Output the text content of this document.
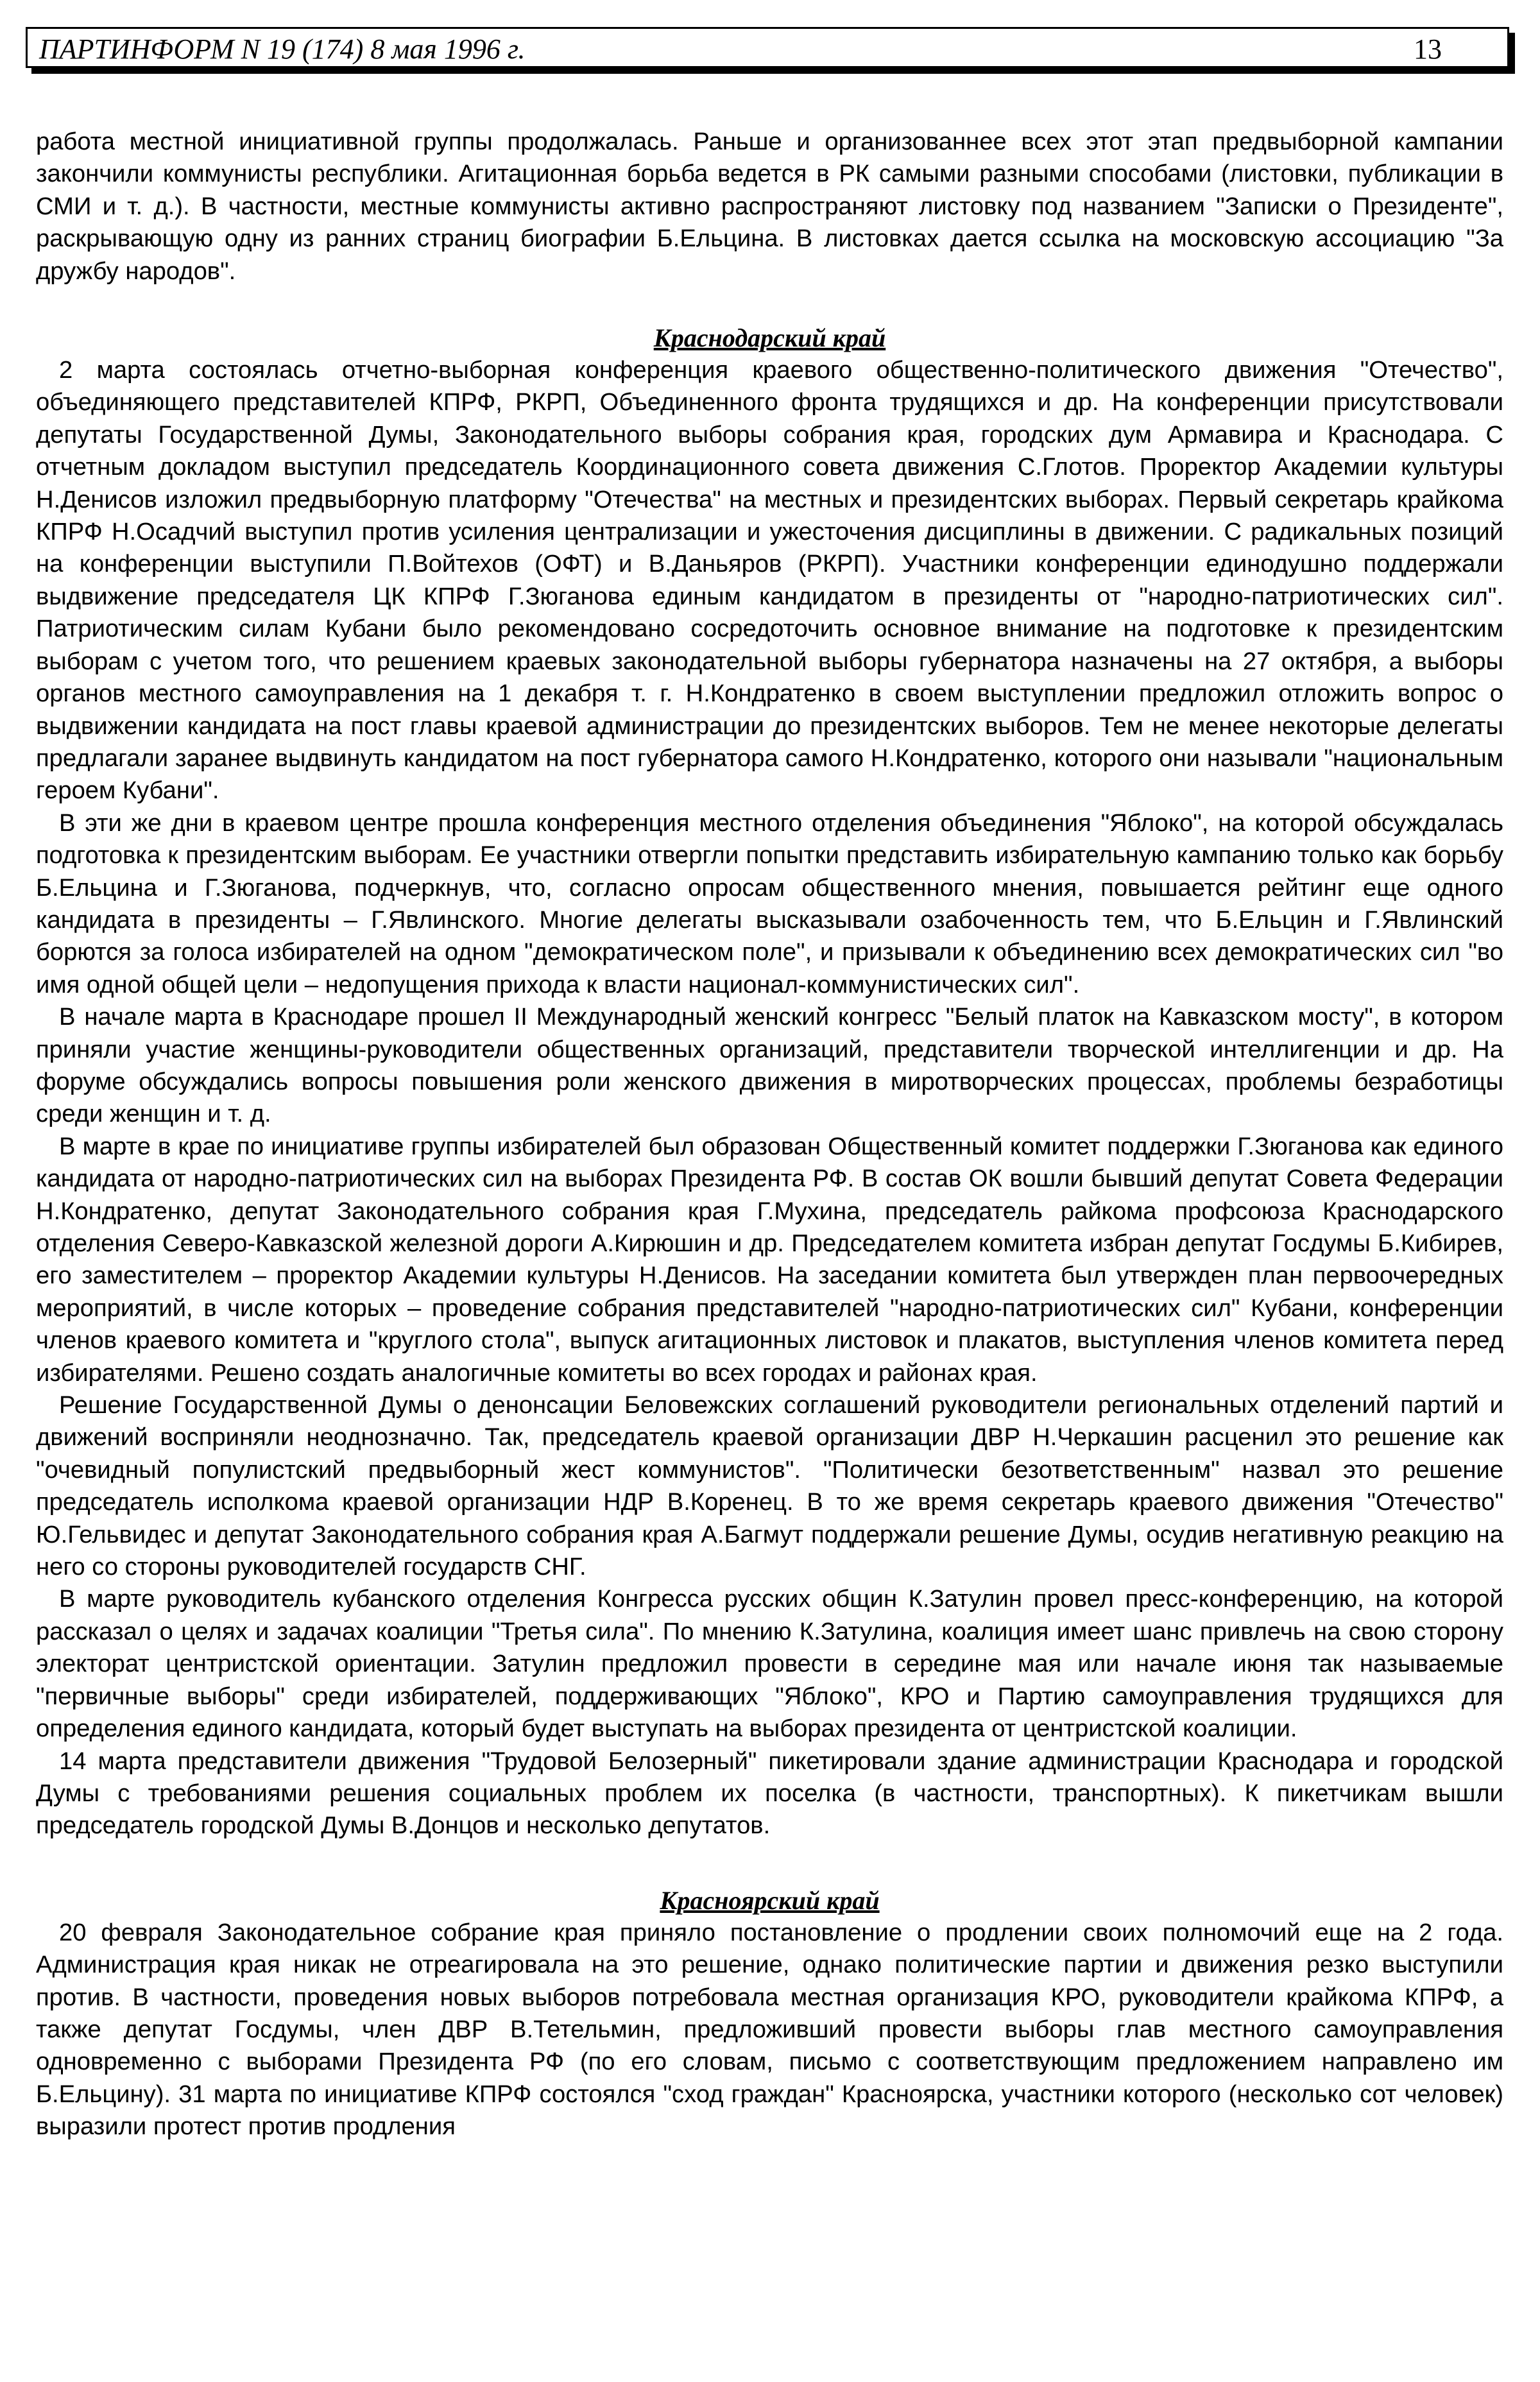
ПАРТИНФОРМ N 19 (174) 8 мая 1996 г.	13

работа местной инициативной группы продолжалась. Раньше и организованнее всех этот этап предвыборной кампании закончили коммунисты республики. Агитационная борьба ведется в РК самыми разными способами (листовки, публикации в СМИ и т. д.). В частности, местные коммунисты активно распространяют листовку под названием "Записки о Президенте", раскрывающую одну из ранних страниц биографии Б.Ельцина. В листовках дается ссылка на московскую ассоциацию "За дружбу народов".

Краснодарский край

2 марта состоялась отчетно-выборная конференция краевого общественно-политического движения "Отечество", объединяющего представителей КПРФ, РКРП, Объединенного фронта трудящихся и др. На конференции присутствовали депутаты Государственной Думы, Законодательного выборы собрания края, городских дум Армавира и Краснодара. С отчетным докладом выступил председатель Координационного совета движения С.Глотов. Проректор Академии культуры Н.Денисов изложил предвыборную платформу "Отечества" на местных и президентских выборах. Первый секретарь крайкома КПРФ Н.Осадчий выступил против усиления централизации и ужесточения дисциплины в движении. С радикальных позиций на конференции выступили П.Войтехов (ОФТ) и В.Даньяров (РКРП). Участники конференции единодушно поддержали выдвижение председателя ЦК КПРФ Г.Зюганова единым кандидатом в президенты от "народно-патриотических сил". Патриотическим силам Кубани было рекомендовано сосредоточить основное внимание на подготовке к президентским выборам с учетом того, что решением краевых законодательной выборы губернатора назначены на 27 октября, а выборы органов местного самоуправления на 1 декабря т. г. Н.Кондратенко в своем выступлении предложил отложить вопрос о выдвижении кандидата на пост главы краевой администрации до президентских выборов. Тем не менее некоторые делегаты предлагали заранее выдвинуть кандидатом на пост губернатора самого Н.Кондратенко, которого они называли "национальным героем Кубани".

В эти же дни в краевом центре прошла конференция местного отделения объединения "Яблоко", на которой обсуждалась подготовка к президентским выборам. Ее участники отвергли попытки представить избирательную кампанию только как борьбу Б.Ельцина и Г.Зюганова, подчеркнув, что, согласно опросам общественного мнения, повышается рейтинг еще одного кандидата в президенты – Г.Явлинского. Многие делегаты высказывали озабоченность тем, что Б.Ельцин и Г.Явлинский борются за голоса избирателей на одном "демократическом поле", и призывали к объединению всех демократических сил "во имя одной общей цели – недопущения прихода к власти национал-коммунистических сил".

В начале марта в Краснодаре прошел II Международный женский конгресс "Белый платок на Кавказском мосту", в котором приняли участие женщины-руководители общественных организаций, представители творческой интеллигенции и др. На форуме обсуждались вопросы повышения роли женского движения в миротворческих процессах, проблемы безработицы среди женщин и т. д.

В марте в крае по инициативе группы избирателей был образован Общественный комитет поддержки Г.Зюганова как единого кандидата от народно-патриотических сил на выборах Президента РФ. В состав ОК вошли бывший депутат Совета Федерации Н.Кондратенко, депутат Законодательного собрания края Г.Мухина, председатель райкома профсоюза Краснодарского отделения Северо-Кавказской железной дороги А.Кирюшин и др. Председателем комитета избран депутат Госдумы Б.Кибирев, его заместителем – проректор Академии культуры Н.Денисов. На заседании комитета был утвержден план первоочередных мероприятий, в числе которых – проведение собрания представителей "народно-патриотических сил" Кубани, конференции членов краевого комитета и "круглого стола", выпуск агитационных листовок и плакатов, выступления членов комитета перед избирателями. Решено создать аналогичные комитеты во всех городах и районах края.

Решение Государственной Думы о денонсации Беловежских соглашений руководители региональных отделений партий и движений восприняли неоднозначно. Так, председатель краевой организации ДВР Н.Черкашин расценил это решение как "очевидный популистский предвыборный жест коммунистов". "Политически безответственным" назвал это решение председатель исполкома краевой организации НДР В.Коренец. В то же время секретарь краевого движения "Отечество" Ю.Гельвидес и депутат Законодательного собрания края А.Багмут поддержали решение Думы, осудив негативную реакцию на него со стороны руководителей государств СНГ.

В марте руководитель кубанского отделения Конгресса русских общин К.Затулин провел пресс-конференцию, на которой рассказал о целях и задачах коалиции "Третья сила". По мнению К.Затулина, коалиция имеет шанс привлечь на свою сторону электорат центристской ориентации. Затулин предложил провести в середине мая или начале июня так называемые "первичные выборы" среди избирателей, поддерживающих "Яблоко", КРО и Партию самоуправления трудящихся для определения единого кандидата, который будет выступать на выборах президента от центристской коалиции.

14 марта представители движения "Трудовой Белозерный" пикетировали здание администрации Краснодара и городской Думы с требованиями решения социальных проблем их поселка (в частности, транспортных). К пикетчикам вышли председатель городской Думы В.Донцов и несколько депутатов.

Красноярский край

20 февраля Законодательное собрание края приняло постановление о продлении своих полномочий еще на 2 года. Администрация края никак не отреагировала на это решение, однако политические партии и движения резко выступили против. В частности, проведения новых выборов потребовала местная организация КРО, руководители крайкома КПРФ, а также депутат Госдумы, член ДВР В.Тетельмин, предложивший провести выборы глав местного самоуправления одновременно с выборами Президента РФ (по его словам, письмо с соответствующим предложением направлено им Б.Ельцину). 31 марта по инициативе КПРФ состоялся "сход граждан" Красноярска, участники которого (несколько сот человек) выразили протест против продления
